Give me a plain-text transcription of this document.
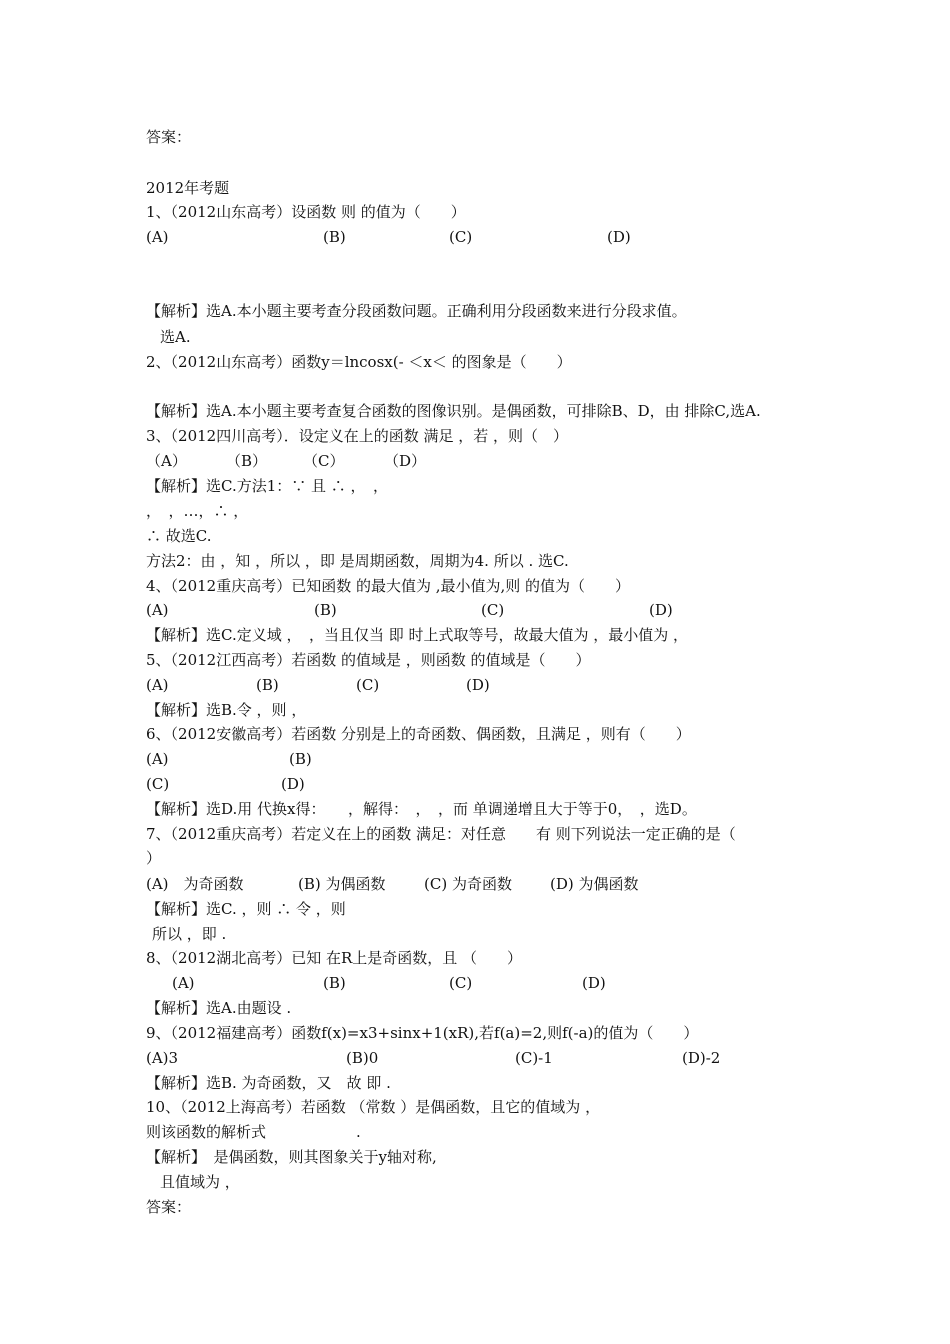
答案：
2012年考题
1、（2012山东高考）设函数 则 的值为（　　）
(A)	(B)	(C)	(D)
【解析】选A.本小题主要考查分段函数问题。正确利用分段函数来进行分段求值。
选A.
2、（2012山东高考）函数y＝lncosx(- ＜x＜ 的图象是（　　）
【解析】选A.本小题主要考查复合函数的图像识别。是偶函数，可排除B、D，由 排除C,选A.
3、（2012四川高考）．设定义在上的函数 满足 ，若 ，则（　）
（A）	（B） （C）	（D）
【解析】选C.方法1：∵ 且 ∴ ，　，
，　，…，∴ ，
∴ 故选C.
方法2：由 ，知 ，所以 ，即 是周期函数，周期为4. 所以 . 选C.
4、（2012重庆高考）已知函数 的最大值为 ,最小值为,则 的值为（　　）
(A)	(B)	(C)	(D)
【解析】选C.定义域 ，　，当且仅当 即 时上式取等号，故最大值为 ，最小值为 ，
5、（2012江西高考）若函数 的值域是 ，则函数 的值域是（　　）
(A)	(B)	(C)	(D)
【解析】选B.令 ，则 ，
6、（2012安徽高考）若函数 分别是上的奇函数、偶函数，且满足 ，则有（　　）
(A)	(B)
(C)	(D)
【解析】选D.用 代换x得：　　，解得：　，　，而 单调递增且大于等于0，　，选D。
7、（2012重庆高考）若定义在上的函数 满足：对任意　　有 则下列说法一定正确的是（
）
(A)　为奇函数	(B) 为偶函数	(C) 为奇函数	(D) 为偶函数
【解析】选C. ，则 ∴ 令 ，则
所以 ，即 .
8、（2012湖北高考）已知 在R上是奇函数，且 （　　）
(A)	(B)	(C)	(D)
【解析】选A.由题设 .
9、（2012福建高考）函数f(x)=x3+sinx+1(xR),若f(a)=2,则f(-a)的值为（　　）
(A)3	(B)0	(C)-1	(D)-2
【解析】选B. 为奇函数，又　故 即 .
10、（2012上海高考）若函数 （常数 ）是偶函数，且它的值域为 ，
则该函数的解析式　　　　　　.
【解析】　是偶函数，则其图象关于y轴对称,
且值域为 ，
答案：
